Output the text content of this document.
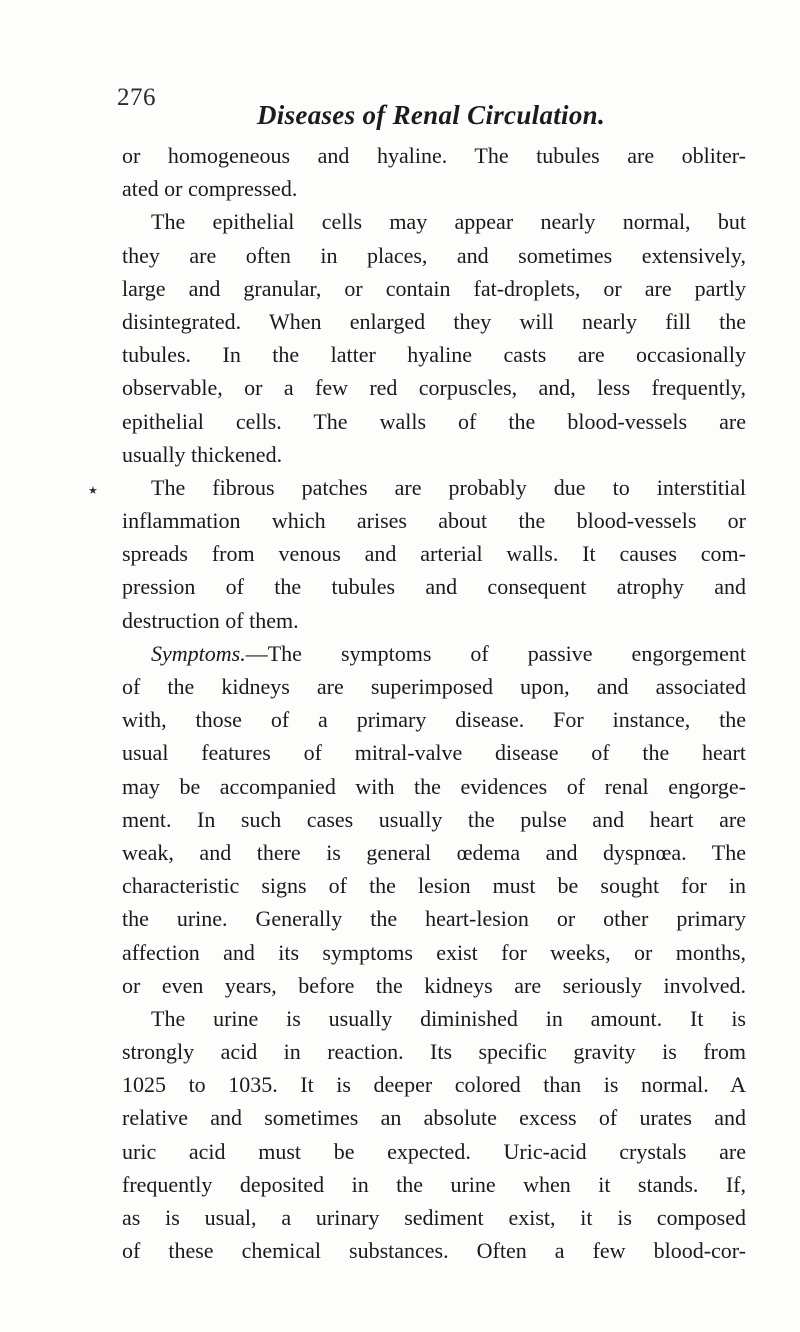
276
Diseases of Renal Circulation.
★
or homogeneous and hyaline. The tubules are obliter-
ated or compressed.
The epithelial cells may appear nearly normal, but
they are often in places, and sometimes extensively,
large and granular, or contain fat-droplets, or are partly
disintegrated. When enlarged they will nearly fill the
tubules. In the latter hyaline casts are occasionally
observable, or a few red corpuscles, and, less frequently,
epithelial cells. The walls of the blood-vessels are
usually thickened.
The fibrous patches are probably due to interstitial
inflammation which arises about the blood-vessels or
spreads from venous and arterial walls. It causes com-
pression of the tubules and consequent atrophy and
destruction of them.
Symptoms.—The symptoms of passive engorgement
of the kidneys are superimposed upon, and associated
with, those of a primary disease. For instance, the
usual features of mitral-valve disease of the heart
may be accompanied with the evidences of renal engorge-
ment. In such cases usually the pulse and heart are
weak, and there is general œdema and dyspnœa. The
characteristic signs of the lesion must be sought for in
the urine. Generally the heart-lesion or other primary
affection and its symptoms exist for weeks, or months,
or even years, before the kidneys are seriously involved.
The urine is usually diminished in amount. It is
strongly acid in reaction. Its specific gravity is from
1025 to 1035. It is deeper colored than is normal. A
relative and sometimes an absolute excess of urates and
uric acid must be expected. Uric-acid crystals are
frequently deposited in the urine when it stands. If,
as is usual, a urinary sediment exist, it is composed
of these chemical substances. Often a few blood-cor-
